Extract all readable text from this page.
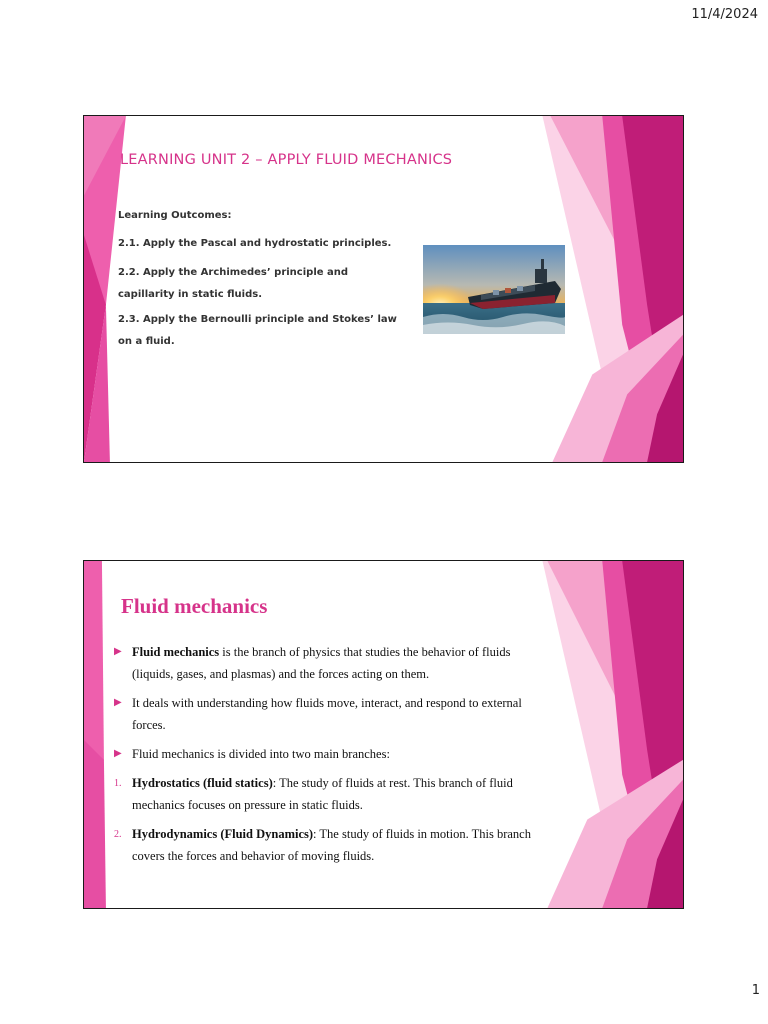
11/4/2024
LEARNING UNIT 2 – APPLY FLUID MECHANICS
Learning Outcomes:
2.1. Apply the Pascal and hydrostatic principles.
2.2. Apply the Archimedes’ principle and capillarity in static fluids.
2.3. Apply the Bernoulli principle and Stokes’ law on a fluid.
Fluid mechanics
▶ Fluid mechanics is the branch of physics that studies the behavior of fluids (liquids, gases, and plasmas) and the forces acting on them.
▶ It deals with understanding how fluids move, interact, and respond to external forces.
▶ Fluid mechanics is divided into two main branches:
1. Hydrostatics (fluid statics): The study of fluids at rest. This branch of fluid mechanics focuses on pressure in static fluids.
2. Hydrodynamics (Fluid Dynamics): The study of fluids in motion. This branch covers the forces and behavior of moving fluids.
1
